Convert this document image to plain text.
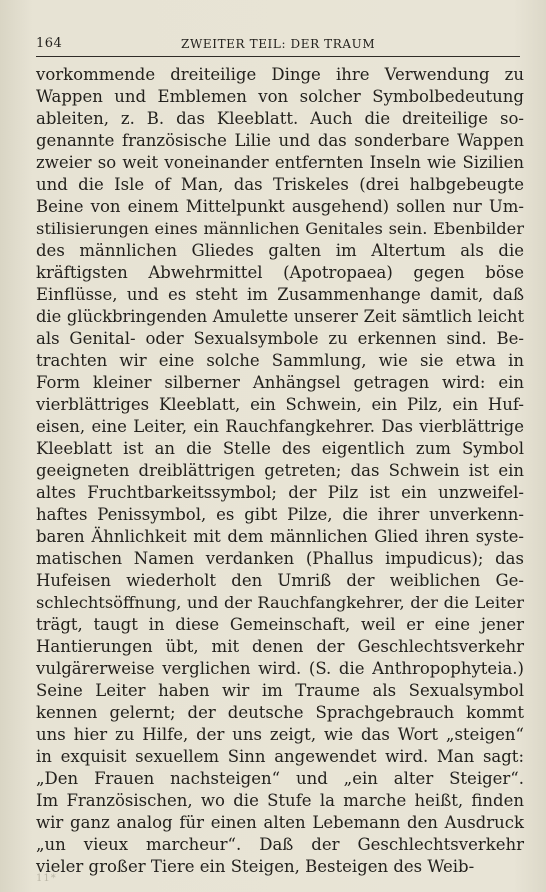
164	ZWEITER TEIL: DER TRAUM
vorkommende dreiteilige Dinge ihre Verwendung zu
Wappen und Emblemen von solcher Symbolbedeutung
ableiten, z. B. das Kleeblatt. Auch die dreiteilige so-
genannte französische Lilie und das sonderbare Wappen
zweier so weit voneinander entfernten Inseln wie Sizilien
und die Isle of Man, das Triskeles (drei halbgebeugte
Beine von einem Mittelpunkt ausgehend) sollen nur Um-
stilisierungen eines männlichen Genitales sein. Ebenbilder
des männlichen Gliedes galten im Altertum als die
kräftigsten Abwehrmittel (Apotropaea) gegen böse
Einflüsse, und es steht im Zusammenhange damit, daß
die glückbringenden Amulette unserer Zeit sämtlich leicht
als Genital- oder Sexualsymbole zu erkennen sind. Be-
trachten wir eine solche Sammlung, wie sie etwa in
Form kleiner silberner Anhängsel getragen wird: ein
vierblättriges Kleeblatt, ein Schwein, ein Pilz, ein Huf-
eisen, eine Leiter, ein Rauchfangkehrer. Das vierblättrige
Kleeblatt ist an die Stelle des eigentlich zum Symbol
geeigneten dreiblättrigen getreten; das Schwein ist ein
altes Fruchtbarkeitssymbol; der Pilz ist ein unzweifel-
haftes Penissymbol, es gibt Pilze, die ihrer unverkenn-
baren Ähnlichkeit mit dem männlichen Glied ihren syste-
matischen Namen verdanken (Phallus impudicus); das
Hufeisen wiederholt den Umriß der weiblichen Ge-
schlechtsöffnung, und der Rauchfangkehrer, der die Leiter
trägt, taugt in diese Gemeinschaft, weil er eine jener
Hantierungen übt, mit denen der Geschlechtsverkehr
vulgärerweise verglichen wird. (S. die Anthropophyteia.)
Seine Leiter haben wir im Traume als Sexualsymbol
kennen gelernt; der deutsche Sprachgebrauch kommt
uns hier zu Hilfe, der uns zeigt, wie das Wort „steigen“
in exquisit sexuellem Sinn angewendet wird. Man sagt:
„Den Frauen nachsteigen“ und „ein alter Steiger“.
Im Französischen, wo die Stufe la marche heißt, finden
wir ganz analog für einen alten Lebemann den Ausdruck
„un vieux marcheur“. Daß der Geschlechtsverkehr
vieler großer Tiere ein Steigen, Besteigen des Weib-
11*
